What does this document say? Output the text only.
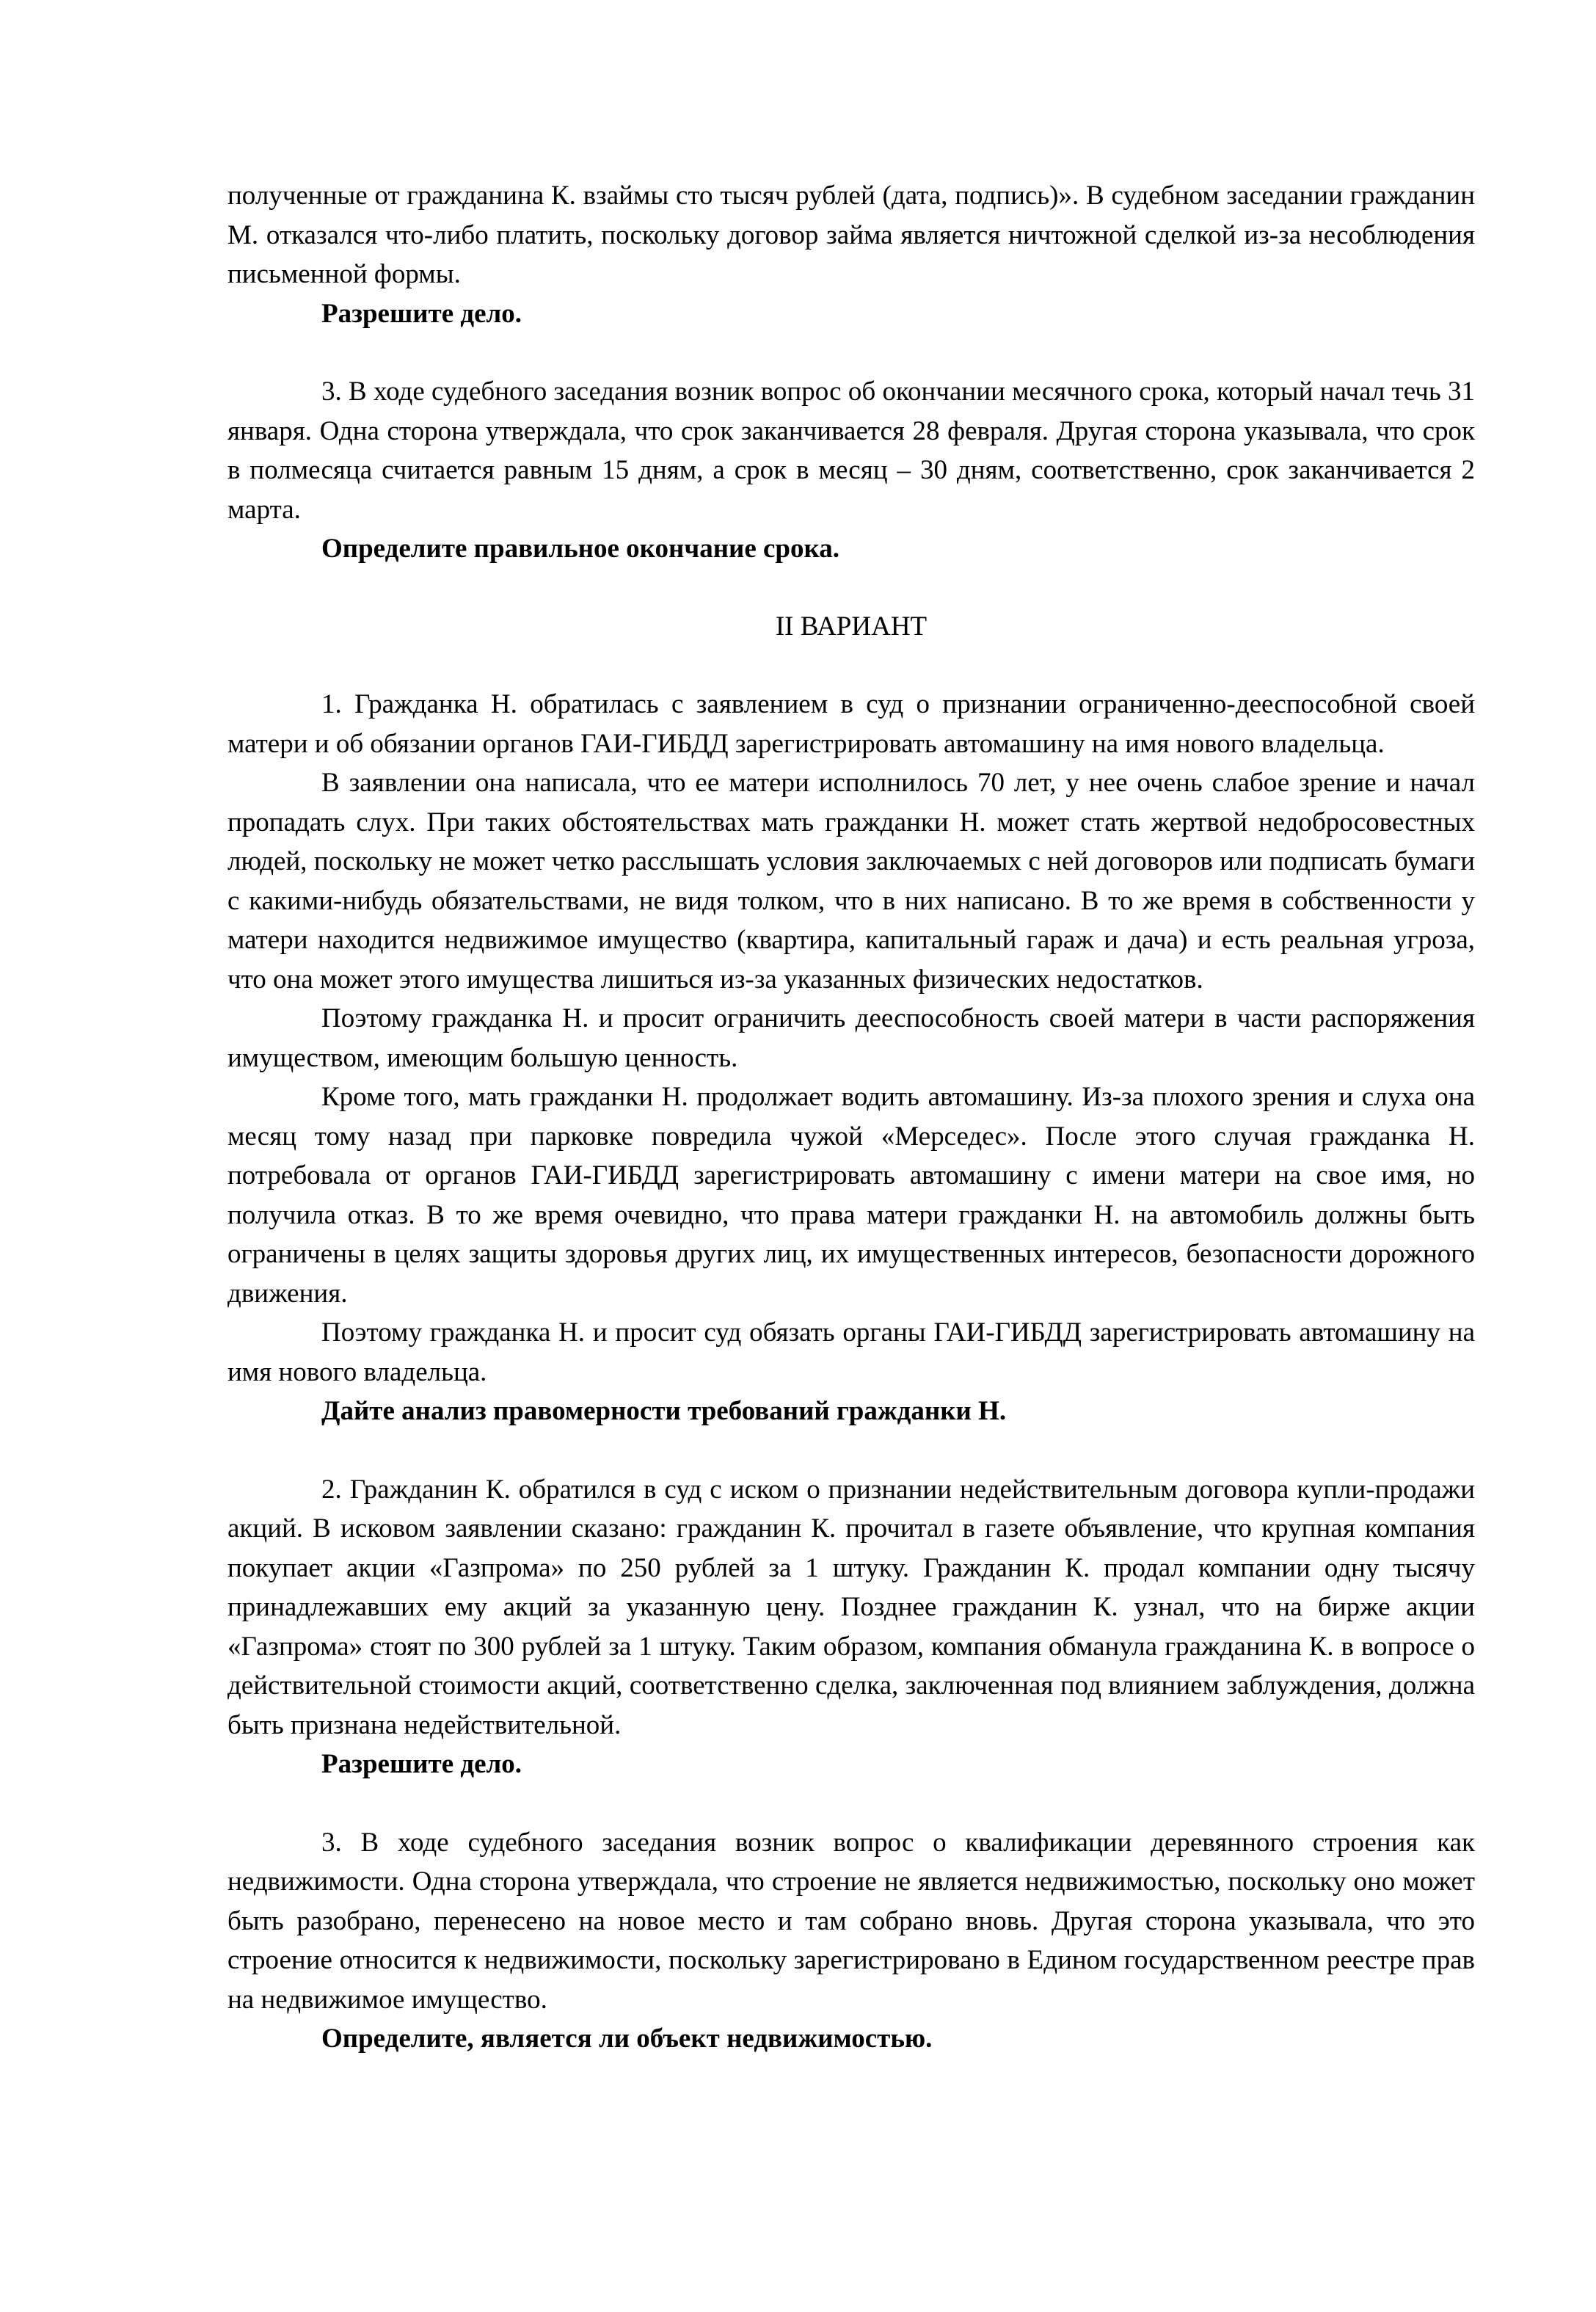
полученные от гражданина К. взаймы сто тысяч рублей (дата, подпись)». В судебном заседании гражданин М. отказался что-либо платить, поскольку договор займа является ничтожной сделкой из-за несоблюдения письменной формы.

Разрешите дело.

3. В ходе судебного заседания возник вопрос об окончании месячного срока, который начал течь 31 января. Одна сторона утверждала, что срок заканчивается 28 февраля. Другая сторона указывала, что срок в полмесяца считается равным 15 дням, а срок в месяц – 30 дням, соответственно, срок заканчивается 2 марта.

Определите правильное окончание срока.

II ВАРИАНТ

1. Гражданка Н. обратилась с заявлением в суд о признании ограниченно-дееспособной своей матери и об обязании органов ГАИ-ГИБДД зарегистрировать автомашину на имя нового владельца.

В заявлении она написала, что ее матери исполнилось 70 лет, у нее очень слабое зрение и начал пропадать слух. При таких обстоятельствах мать гражданки Н. может стать жертвой недобросовестных людей, поскольку не может четко расслышать условия заключаемых с ней договоров или подписать бумаги с какими-нибудь обязательствами, не видя толком, что в них написано. В то же время в собственности у матери находится недвижимое имущество (квартира, капитальный гараж и дача) и есть реальная угроза, что она может этого имущества лишиться из-за указанных физических недостатков.

Поэтому гражданка Н. и просит ограничить дееспособность своей матери в части распоряжения имуществом, имеющим большую ценность.

Кроме того, мать гражданки Н. продолжает водить автомашину. Из-за плохого зрения и слуха она месяц тому назад при парковке повредила чужой «Мерседес». После этого случая гражданка Н. потребовала от органов ГАИ-ГИБДД зарегистрировать автомашину с имени матери на свое имя, но получила отказ. В то же время очевидно, что права матери гражданки Н. на автомобиль должны быть ограничены в целях защиты здоровья других лиц, их имущественных интересов, безопасности дорожного движения.

Поэтому гражданка Н. и просит суд обязать органы ГАИ-ГИБДД зарегистрировать автомашину на имя нового владельца.

Дайте анализ правомерности требований гражданки Н.

2. Гражданин К. обратился в суд с иском о признании недействительным договора купли-продажи акций. В исковом заявлении сказано: гражданин К. прочитал в газете объявление, что крупная компания покупает акции «Газпрома» по 250 рублей за 1 штуку. Гражданин К. продал компании одну тысячу принадлежавших ему акций за указанную цену. Позднее гражданин К. узнал, что на бирже акции «Газпрома» стоят по 300 рублей за 1 штуку. Таким образом, компания обманула гражданина К. в вопросе о действительной стоимости акций, соответственно сделка, заключенная под влиянием заблуждения, должна быть признана недействительной.

Разрешите дело.

3. В ходе судебного заседания возник вопрос о квалификации деревянного строения как недвижимости. Одна сторона утверждала, что строение не является недвижимостью, поскольку оно может быть разобрано, перенесено на новое место и там собрано вновь. Другая сторона указывала, что это строение относится к недвижимости, поскольку зарегистрировано в Едином государственном реестре прав на недвижимое имущество.

Определите, является ли объект недвижимостью.
